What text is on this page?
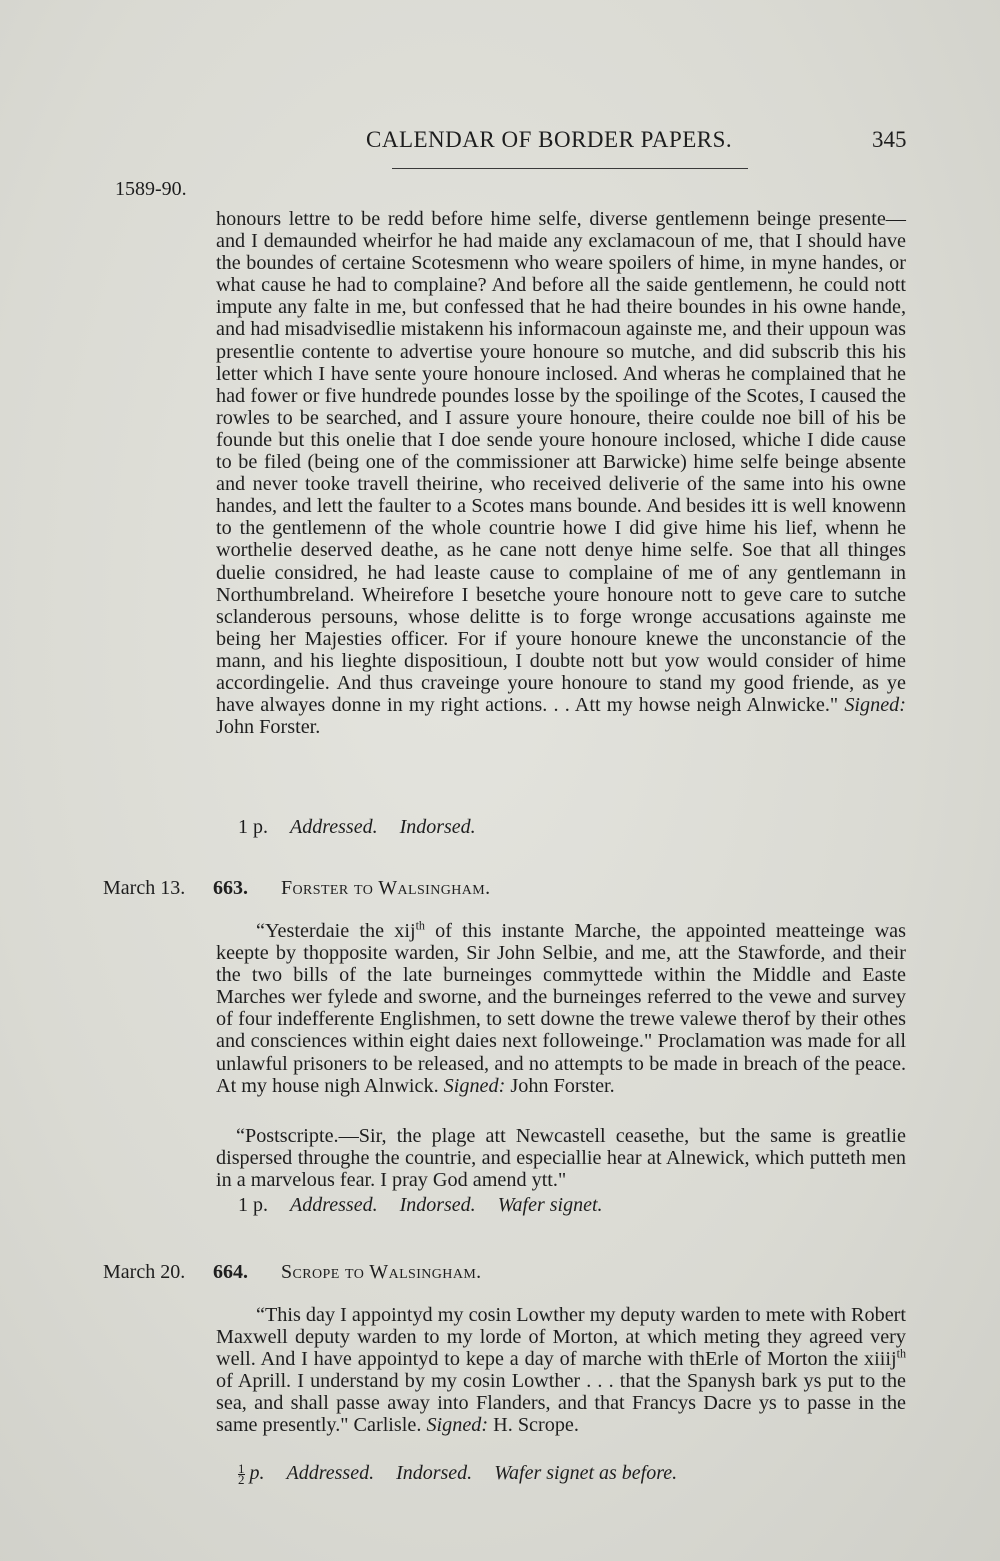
CALENDAR OF BORDER PAPERS.	345
1589-90.

honours lettre to be redd before hime selfe, diverse gentlemenn beinge presente—and I demaunded wheirfor he had maide any exclamacoun of me, that I should have the boundes of certaine Scotesmenn who weare spoilers of hime, in myne handes, or what cause he had to complaine? And before all the saide gentlemenn, he could nott impute any falte in me, but confessed that he had theire boundes in his owne hande, and had misadvisedlie mistakenn his informacoun againste me, and their uppoun was presentlie contente to advertise youre honoure so mutche, and did subscrib this his letter which I have sente youre honoure inclosed. And wheras he complained that he had fower or five hundrede poundes losse by the spoilinge of the Scotes, I caused the rowles to be searched, and I assure youre honoure, theire coulde noe bill of his be founde but this onelie that I doe sende youre honoure inclosed, whiche I dide cause to be filed (being one of the commissioner att Barwicke) hime selfe beinge absente and never tooke travell theirine, who received deliverie of the same into his owne handes, and lett the faulter to a Scotes mans bounde. And besides itt is well knowenn to the gentlemenn of the whole countrie howe I did give hime his lief, whenn he worthelie deserved deathe, as he cane nott denye hime selfe. Soe that all thinges duelie considred, he had leaste cause to complaine of me of any gentlemann in Northumbreland. Wheirefore I besetche youre honoure nott to geve care to sutche sclanderous persouns, whose delitte is to forge wronge accusations againste me being her Majesties officer. For if youre honoure knewe the unconstancie of the mann, and his lieghte dispositioun, I doubte nott but yow would consider of hime accordingelie. And thus craveinge youre honoure to stand my good friende, as ye have alwayes donne in my right actions. . . Att my howse neigh Alnwicke." Signed: John Forster.

1 p. Addressed. Indorsed.
March 13. 663. Forster to Walsingham.

“Yesterdaie the xij$^{th}$ of this instante Marche, the appointed meatteinge was keepte by thopposite warden, Sir John Selbie, and me, att the Stawforde, and their the two bills of the late burneinges commyttede within the Middle and Easte Marches wer fylede and sworne, and the burneinges referred to the vewe and survey of four indefferente Englishmen, to sett downe the trewe valewe therof by their othes and consciences within eight daies next followeinge." Proclamation was made for all unlawful prisoners to be released, and no attempts to be made in breach of the peace. At my house nigh Alnwick. Signed: John Forster.

“Postscripte.—Sir, the plage att Newcastell ceasethe, but the same is greatlie dispersed throughe the countrie, and especiallie hear at Alnewick, which putteth men in a marvelous fear. I pray God amend ytt."

1 p. Addressed. Indorsed. Wafer signet.
March 20. 664. Scrope to Walsingham.

“This day I appointyd my cosin Lowther my deputy warden to mete with Robert Maxwell deputy warden to my lorde of Morton, at which meting they agreed very well. And I have appointyd to kepe a day of marche with thErle of Morton the xiiij$^{th}$ of Aprill. I understand by my cosin Lowther . . . that the Spanysh bark ys put to the sea, and shall passe away into Flanders, and that Francys Dacre ys to passe in the same presently." Carlisle. Signed: H. Scrope.

$\frac{1}{2} p$. Addressed. Indorsed. Wafer signet as before.
